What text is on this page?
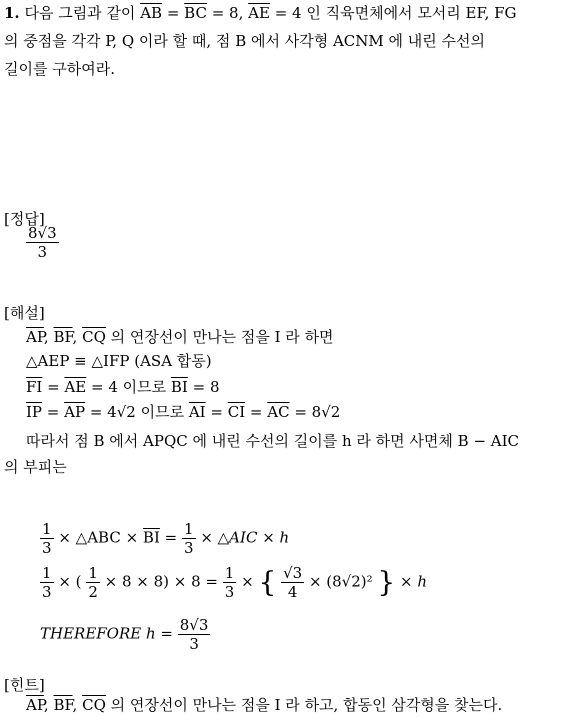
1. 다음 그림과 같이 $\overline{AB} = \overline{BC} = 8$, $\overline{AE} = 4$ 인 직육면체에서 모서리 EF, FG
의 중점을 각각 P, Q 이라 할 때, 점 B 에서 사각형 ACNM 에 내린 수선의
길이를 구하여라.
[정답]
$\frac{8√3}{3}$
[해설]
$\overline{AP}$, $\overline{BF}$, $\overline{CQ}$ 의 연장선이 만나는 점을 I 라 하면
△AEP ≡ △IFP (ASA 합동)
$\overline{FI} = \overline{AE} = 4$ 이므로 $\overline{BI} = 8$
$\overline{IP} = \overline{AP} = 4√2$ 이므로 $\overline{AI} = \overline{CI} = \overline{AC} = 8√2$
따라서 점 B 에서 APQC 에 내린 수선의 길이를 h 라 하면 사면체 B − AIC
의 부피는
$\frac{1}{3}$ × △ABC × $\overline{BI} = \frac{1}{3}$ × △AIC × h
$\frac{1}{3}$ × ( $\frac{1}{2} \times 8 \times 8) \times 8 = \frac{1}{3}$ × { $\frac{√3}{4} \times (8√2)^2$ } × h
THEREFORE $h = \frac{8√3}{3}$
[힌트]
$\overline{AP}$, $\overline{BF}$, $\overline{CQ}$ 의 연장선이 만나는 점을 I 라 하고, 합동인 삼각형을 찾는다.
